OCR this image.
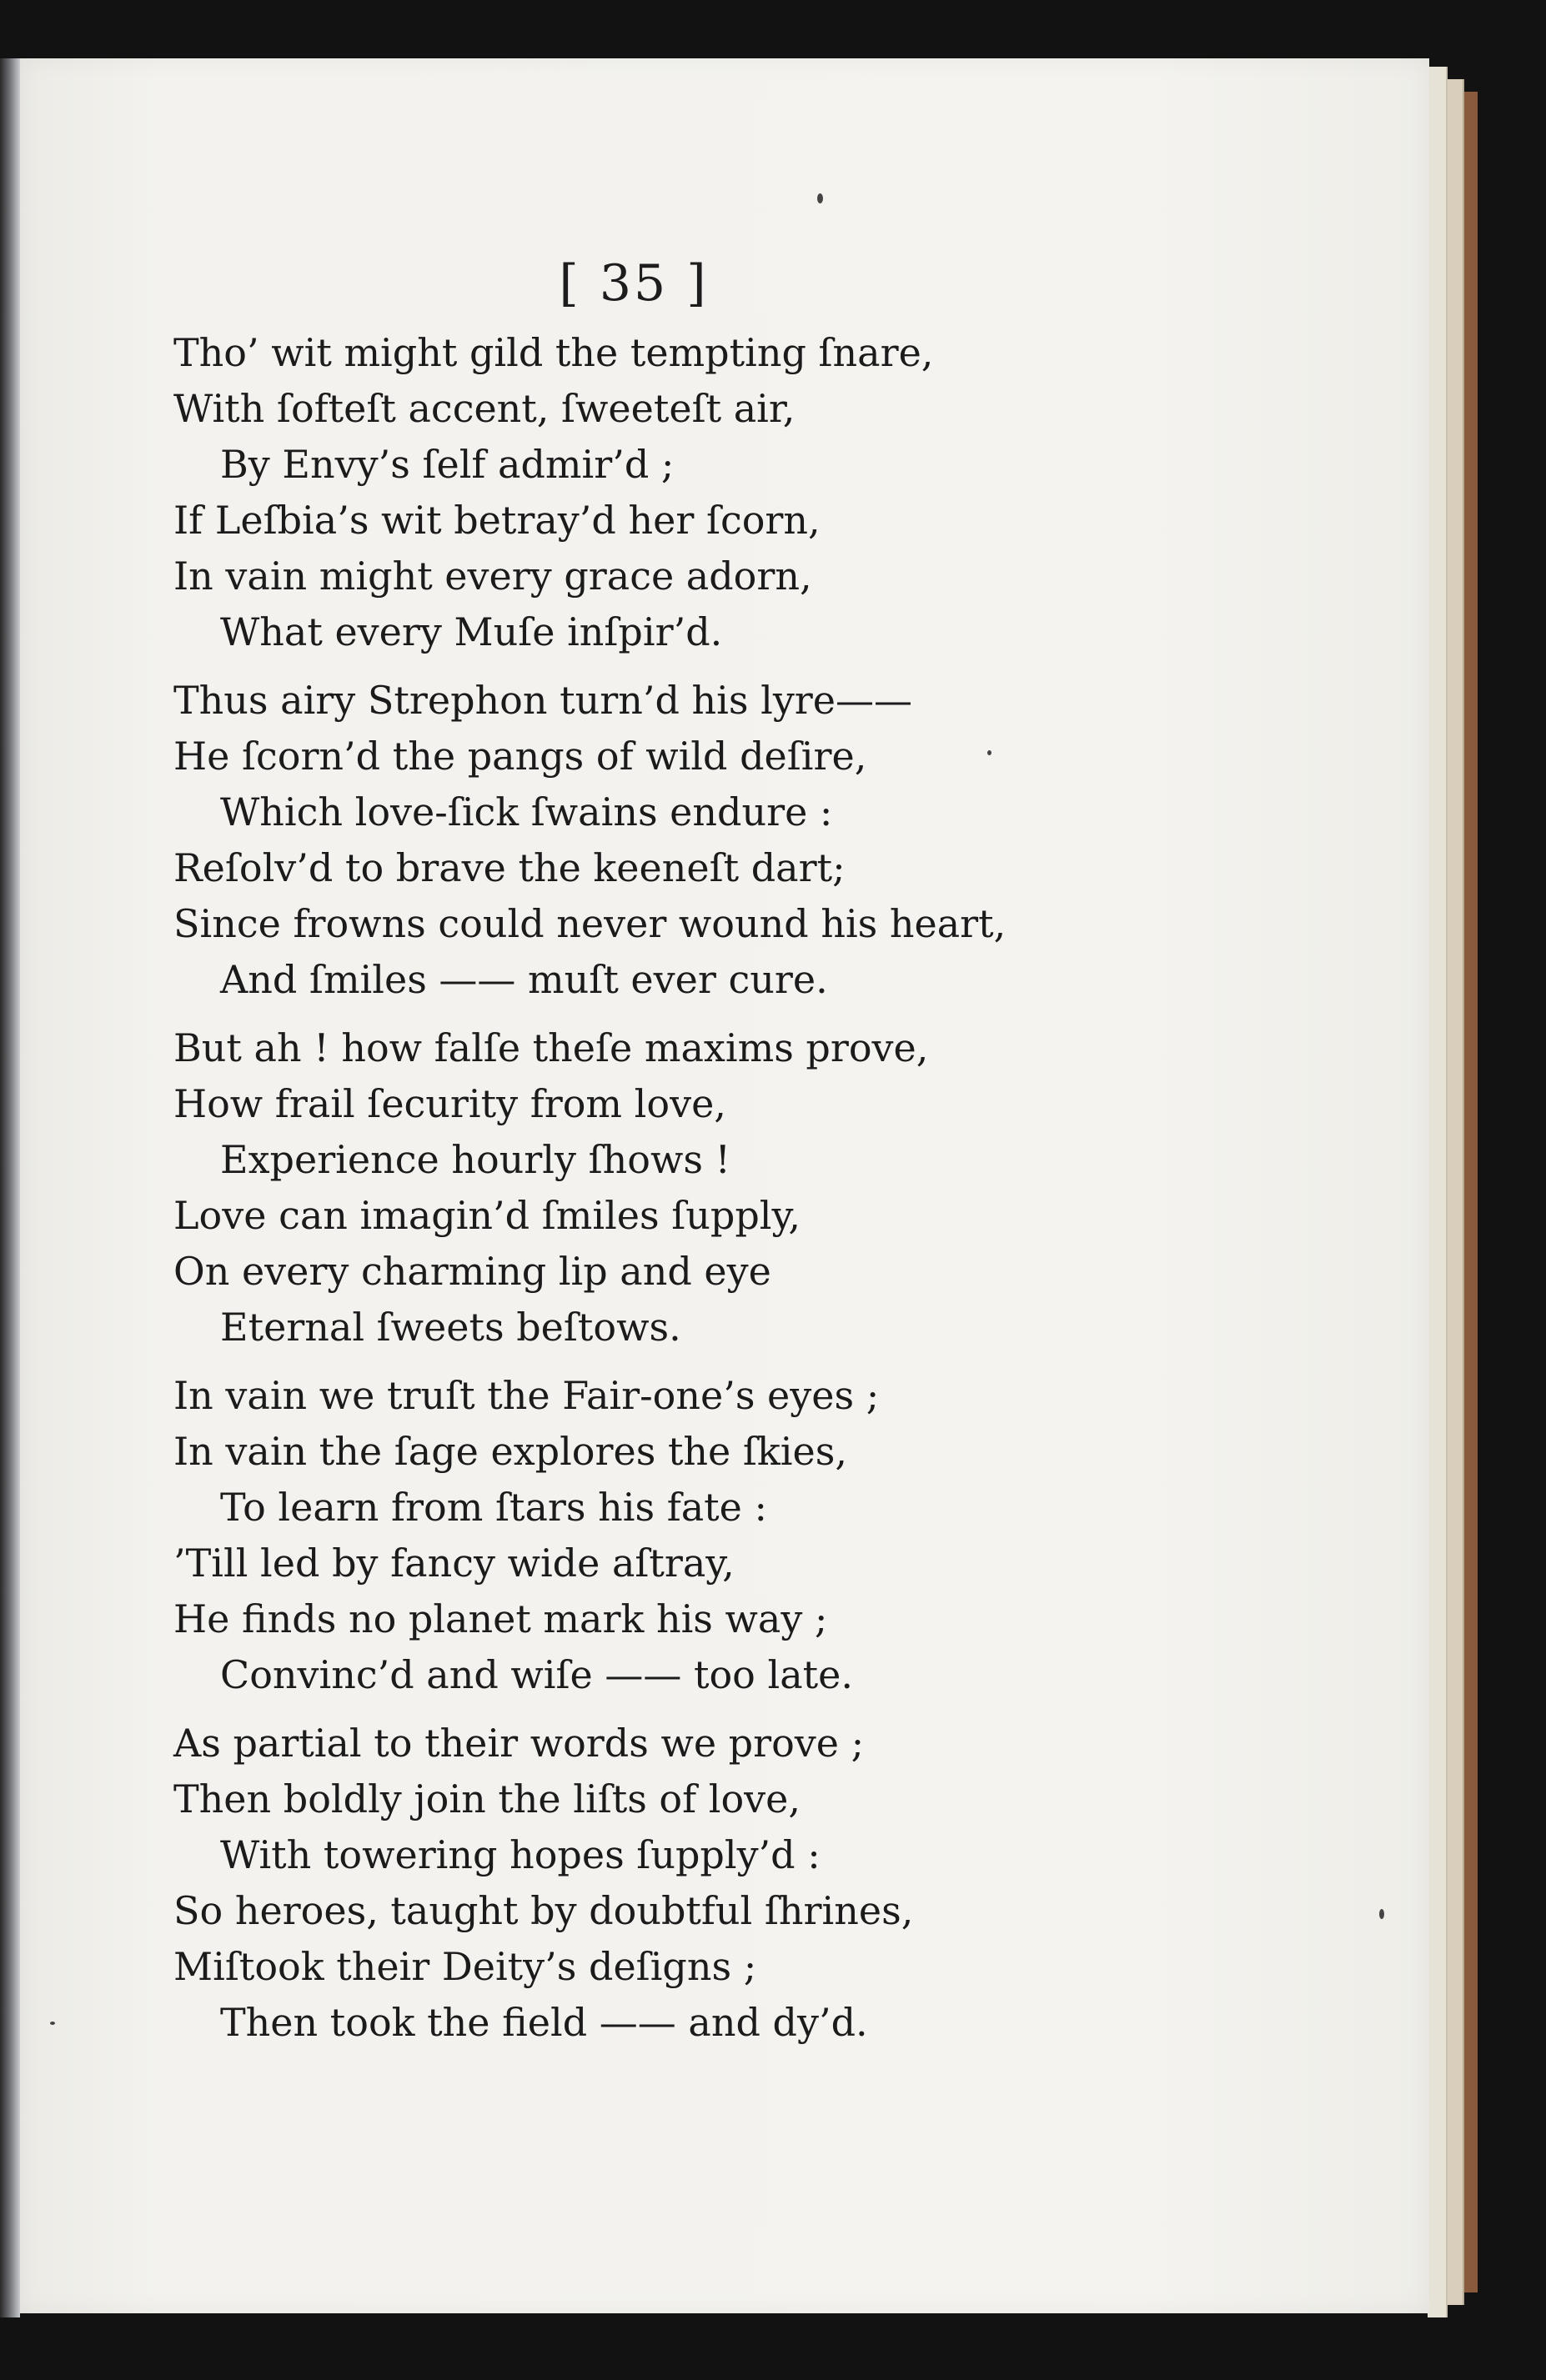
[ 35 ]
Tho’ wit might gild the tempting ſnare,
With ſofteſt accent, ſweeteſt air,
By Envy’s ſelf admir’d ;
If Leſbia’s wit betray’d her ſcorn,
In vain might every grace adorn,
What every Muſe inſpir’d.
Thus airy Strephon turn’d his lyre——
He ſcorn’d the pangs of wild deſire,
Which love-ſick ſwains endure :
Reſolv’d to brave the keeneſt dart;
Since frowns could never wound his heart,
And ſmiles —— muſt ever cure.
But ah ! how falſe theſe maxims prove,
How frail ſecurity from love,
Experience hourly ſhows !
Love can imagin’d ſmiles ſupply,
On every charming lip and eye
Eternal ſweets beſtows.
In vain we truſt the Fair-one’s eyes ;
In vain the ſage explores the ſkies,
To learn from ſtars his fate :
’Till led by fancy wide aſtray,
He finds no planet mark his way ;
Convinc’d and wiſe —— too late.
As partial to their words we prove ;
Then boldly join the liſts of love,
With towering hopes ſupply’d :
So heroes, taught by doubtful ſhrines,
Miſtook their Deity’s deſigns ;
Then took the field —— and dy’d.
